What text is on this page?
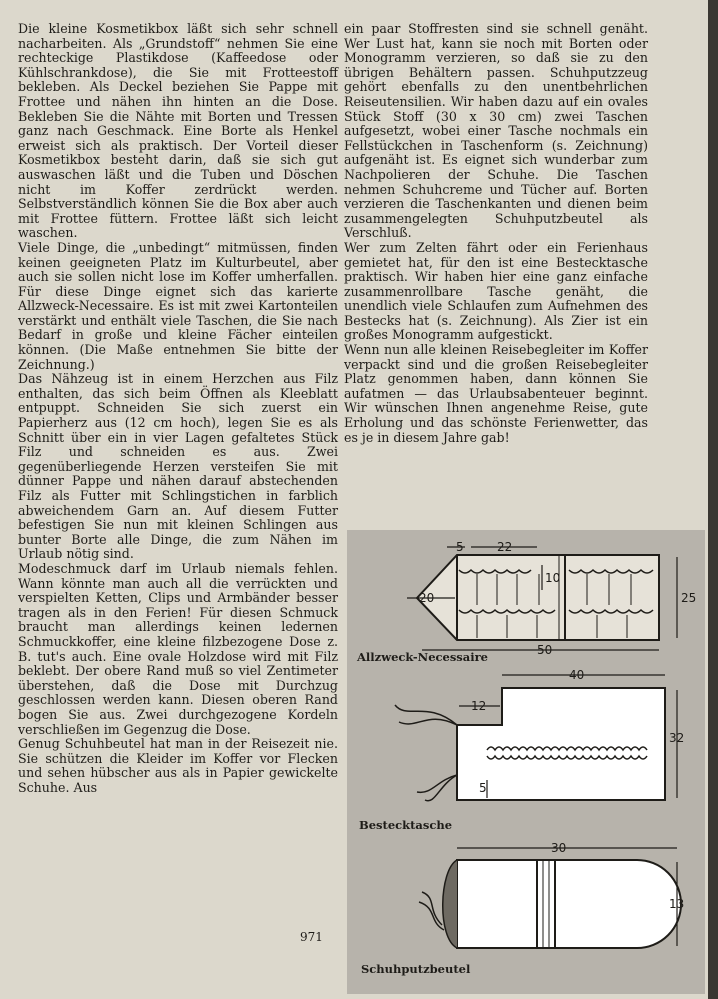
Die kleine Kosmetikbox läßt sich sehr schnell nacharbeiten. Als „Grundstoff“ nehmen Sie eine rechteckige Plastikdose (Kaffeedose oder Kühlschrankdose), die Sie mit Frotteestoff bekleben. Als Deckel beziehen Sie Pappe mit Frottee und nähen ihn hinten an die Dose. Bekleben Sie die Nähte mit Borten und Tressen ganz nach Geschmack. Eine Borte als Henkel erweist sich als praktisch. Der Vorteil dieser Kosmetikbox besteht darin, daß sie sich gut auswaschen läßt und die Tuben und Döschen nicht im Koffer zerdrückt werden. Selbstverständlich können Sie die Box aber auch mit Frottee füttern. Frottee läßt sich leicht waschen.

Viele Dinge, die „unbedingt“ mitmüssen, finden keinen geeigneten Platz im Kulturbeutel, aber auch sie sollen nicht lose im Koffer umherfallen. Für diese Dinge eignet sich das karierte Allzweck-Necessaire. Es ist mit zwei Kartonteilen verstärkt und enthält viele Taschen, die Sie nach Bedarf in große und kleine Fächer einteilen können. (Die Maße entnehmen Sie bitte der Zeichnung.)

Das Nähzeug ist in einem Herzchen aus Filz enthalten, das sich beim Öffnen als Kleeblatt entpuppt. Schneiden Sie sich zuerst ein Papierherz aus (12 cm hoch), legen Sie es als Schnitt über ein in vier Lagen gefaltetes Stück Filz und schneiden es aus. Zwei gegenüberliegende Herzen versteifen Sie mit dünner Pappe und nähen darauf abstechenden Filz als Futter mit Schlingstichen in farblich abweichendem Garn an. Auf diesem Futter befestigen Sie nun mit kleinen Schlingen aus bunter Borte alle Dinge, die zum Nähen im Urlaub nötig sind.

Modeschmuck darf im Urlaub niemals fehlen. Wann könnte man auch all die verrückten und verspielten Ketten, Clips und Armbänder besser tragen als in den Ferien! Für diesen Schmuck braucht man allerdings keinen ledernen Schmuckkoffer, eine kleine filzbezogene Dose z. B. tut's auch. Eine ovale Holzdose wird mit Filz beklebt. Der obere Rand muß so viel Zentimeter überstehen, daß die Dose mit Durchzug geschlossen werden kann. Diesen oberen Rand bogen Sie aus. Zwei durchgezogene Kordeln verschließen im Gegenzug die Dose.

Genug Schuhbeutel hat man in der Reisezeit nie. Sie schützen die Kleider im Koffer vor Flecken und sehen hübscher aus als in Papier gewickelte Schuhe. Aus

ein paar Stoffresten sind sie schnell genäht. Wer Lust hat, kann sie noch mit Borten oder Monogramm verzieren, so daß sie zu den übrigen Behältern passen. Schuhputzzeug gehört ebenfalls zu den unentbehrlichen Reiseutensilien. Wir haben dazu auf ein ovales Stück Stoff (30 x 30 cm) zwei Taschen aufgesetzt, wobei einer Tasche nochmals ein Fellstückchen in Taschenform (s. Zeichnung) aufgenäht ist. Es eignet sich wunderbar zum Nachpolieren der Schuhe. Die Taschen nehmen Schuhcreme und Tücher auf. Borten verzieren die Taschenkanten und dienen beim zusammengelegten Schuhputzbeutel als Verschluß.

Wer zum Zelten fährt oder ein Ferienhaus gemietet hat, für den ist eine Bestecktasche praktisch. Wir haben hier eine ganz einfache zusammenrollbare Tasche genäht, die unendlich viele Schlaufen zum Aufnehmen des Bestecks hat (s. Zeichnung). Als Zier ist ein großes Monogramm aufgestickt.

Wenn nun alle kleinen Reisebegleiter im Koffer verpackt sind und die großen Reisebegleiter Platz genommen haben, dann können Sie aufatmen — das Urlaubsabenteuer beginnt. Wir wünschen Ihnen angenehme Reise, gute Erholung und das schönste Ferienwetter, das es je in diesem Jahre gab!

971
5	22
10
20	25
50
40
12
32
5
30
13
Allzweck-Necessaire
Bestecktasche
Schuhputzbeutel
